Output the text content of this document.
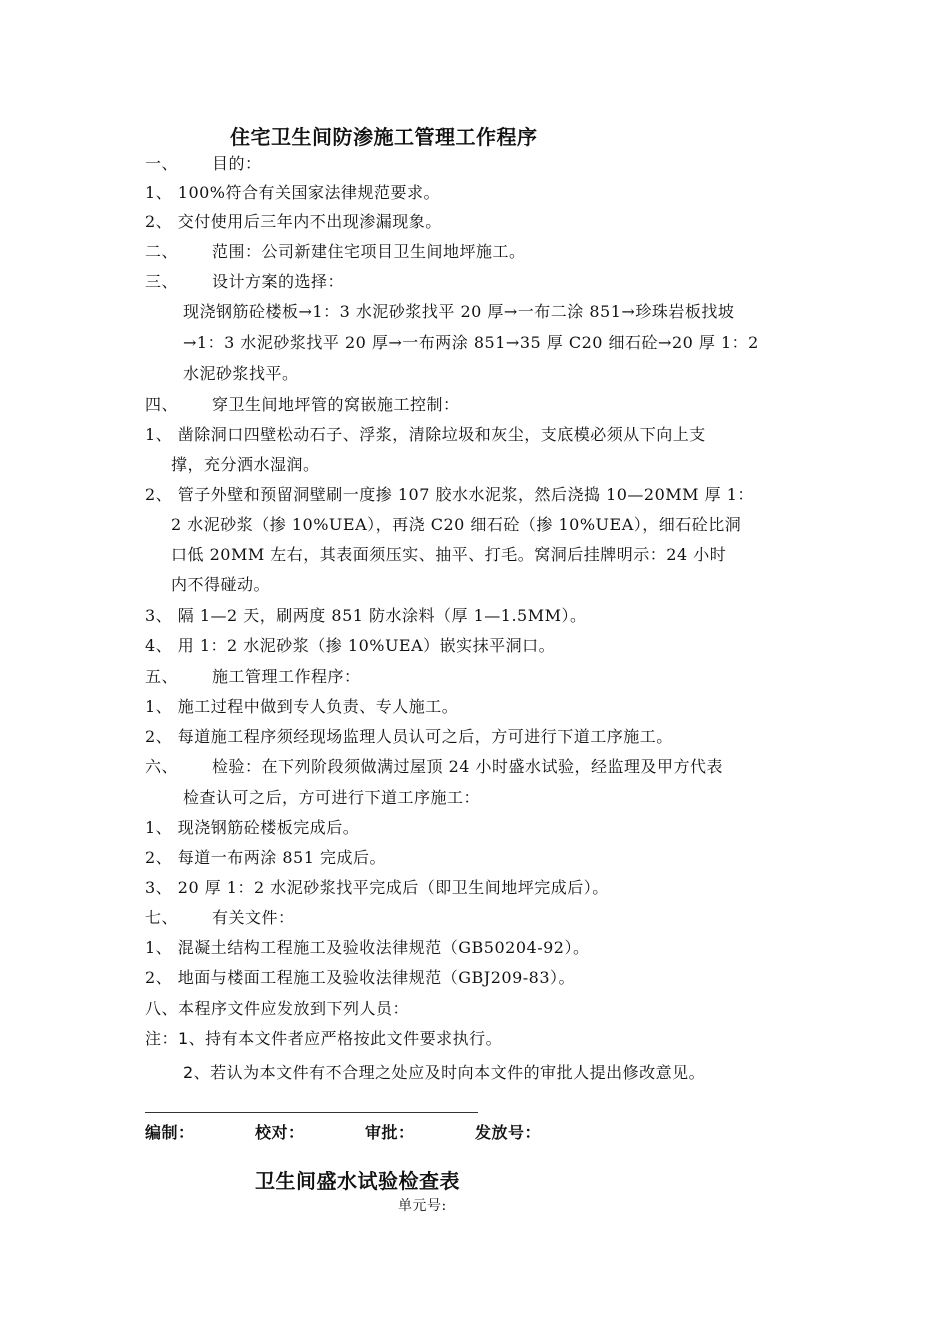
住宅卫生间防渗施工管理工作程序
一、 目的：
1、 100%符合有关国家法律规范要求。
2、 交付使用后三年内不出现渗漏现象。
二、 范围：公司新建住宅项目卫生间地坪施工。
三、 设计方案的选择：
现浇钢筋砼楼板→1：3 水泥砂浆找平 20 厚→一布二涂 851→珍珠岩板找坡
→1：3 水泥砂浆找平 20 厚→一布两涂 851→35 厚 C20 细石砼→20 厚 1：2
水泥砂浆找平。
四、 穿卫生间地坪管的窝嵌施工控制：
1、 凿除洞口四壁松动石子、浮浆，清除垃圾和灰尘，支底模必须从下向上支
撑，充分洒水湿润。
2、 管子外壁和预留洞壁刷一度掺 107 胶水水泥浆，然后浇捣 10—20MM 厚 1：
2 水泥砂浆（掺 10%UEA），再浇 C20 细石砼（掺 10%UEA），细石砼比洞
口低 20MM 左右，其表面须压实、抽平、打毛。窝洞后挂牌明示：24 小时
内不得碰动。
3、 隔 1—2 天，刷两度 851 防水涂料（厚 1—1.5MM）。
4、 用 1：2 水泥砂浆（掺 10%UEA）嵌实抹平洞口。
五、 施工管理工作程序：
1、 施工过程中做到专人负责、专人施工。
2、 每道施工程序须经现场监理人员认可之后，方可进行下道工序施工。
六、 检验：在下列阶段须做满过屋顶 24 小时盛水试验，经监理及甲方代表
检查认可之后，方可进行下道工序施工：
1、 现浇钢筋砼楼板完成后。
2、 每道一布两涂 851 完成后。
3、 20 厚 1：2 水泥砂浆找平完成后（即卫生间地坪完成后）。
七、 有关文件：
1、 混凝土结构工程施工及验收法律规范（GB50204-92）。
2、 地面与楼面工程施工及验收法律规范（GBJ209-83）。
八、本程序文件应发放到下列人员：
注：1、持有本文件者应严格按此文件要求执行。
2、若认为本文件有不合理之处应及时向本文件的审批人提出修改意见。
编制：	校对：	审批：	发放号：
卫生间盛水试验检查表
单元号:
